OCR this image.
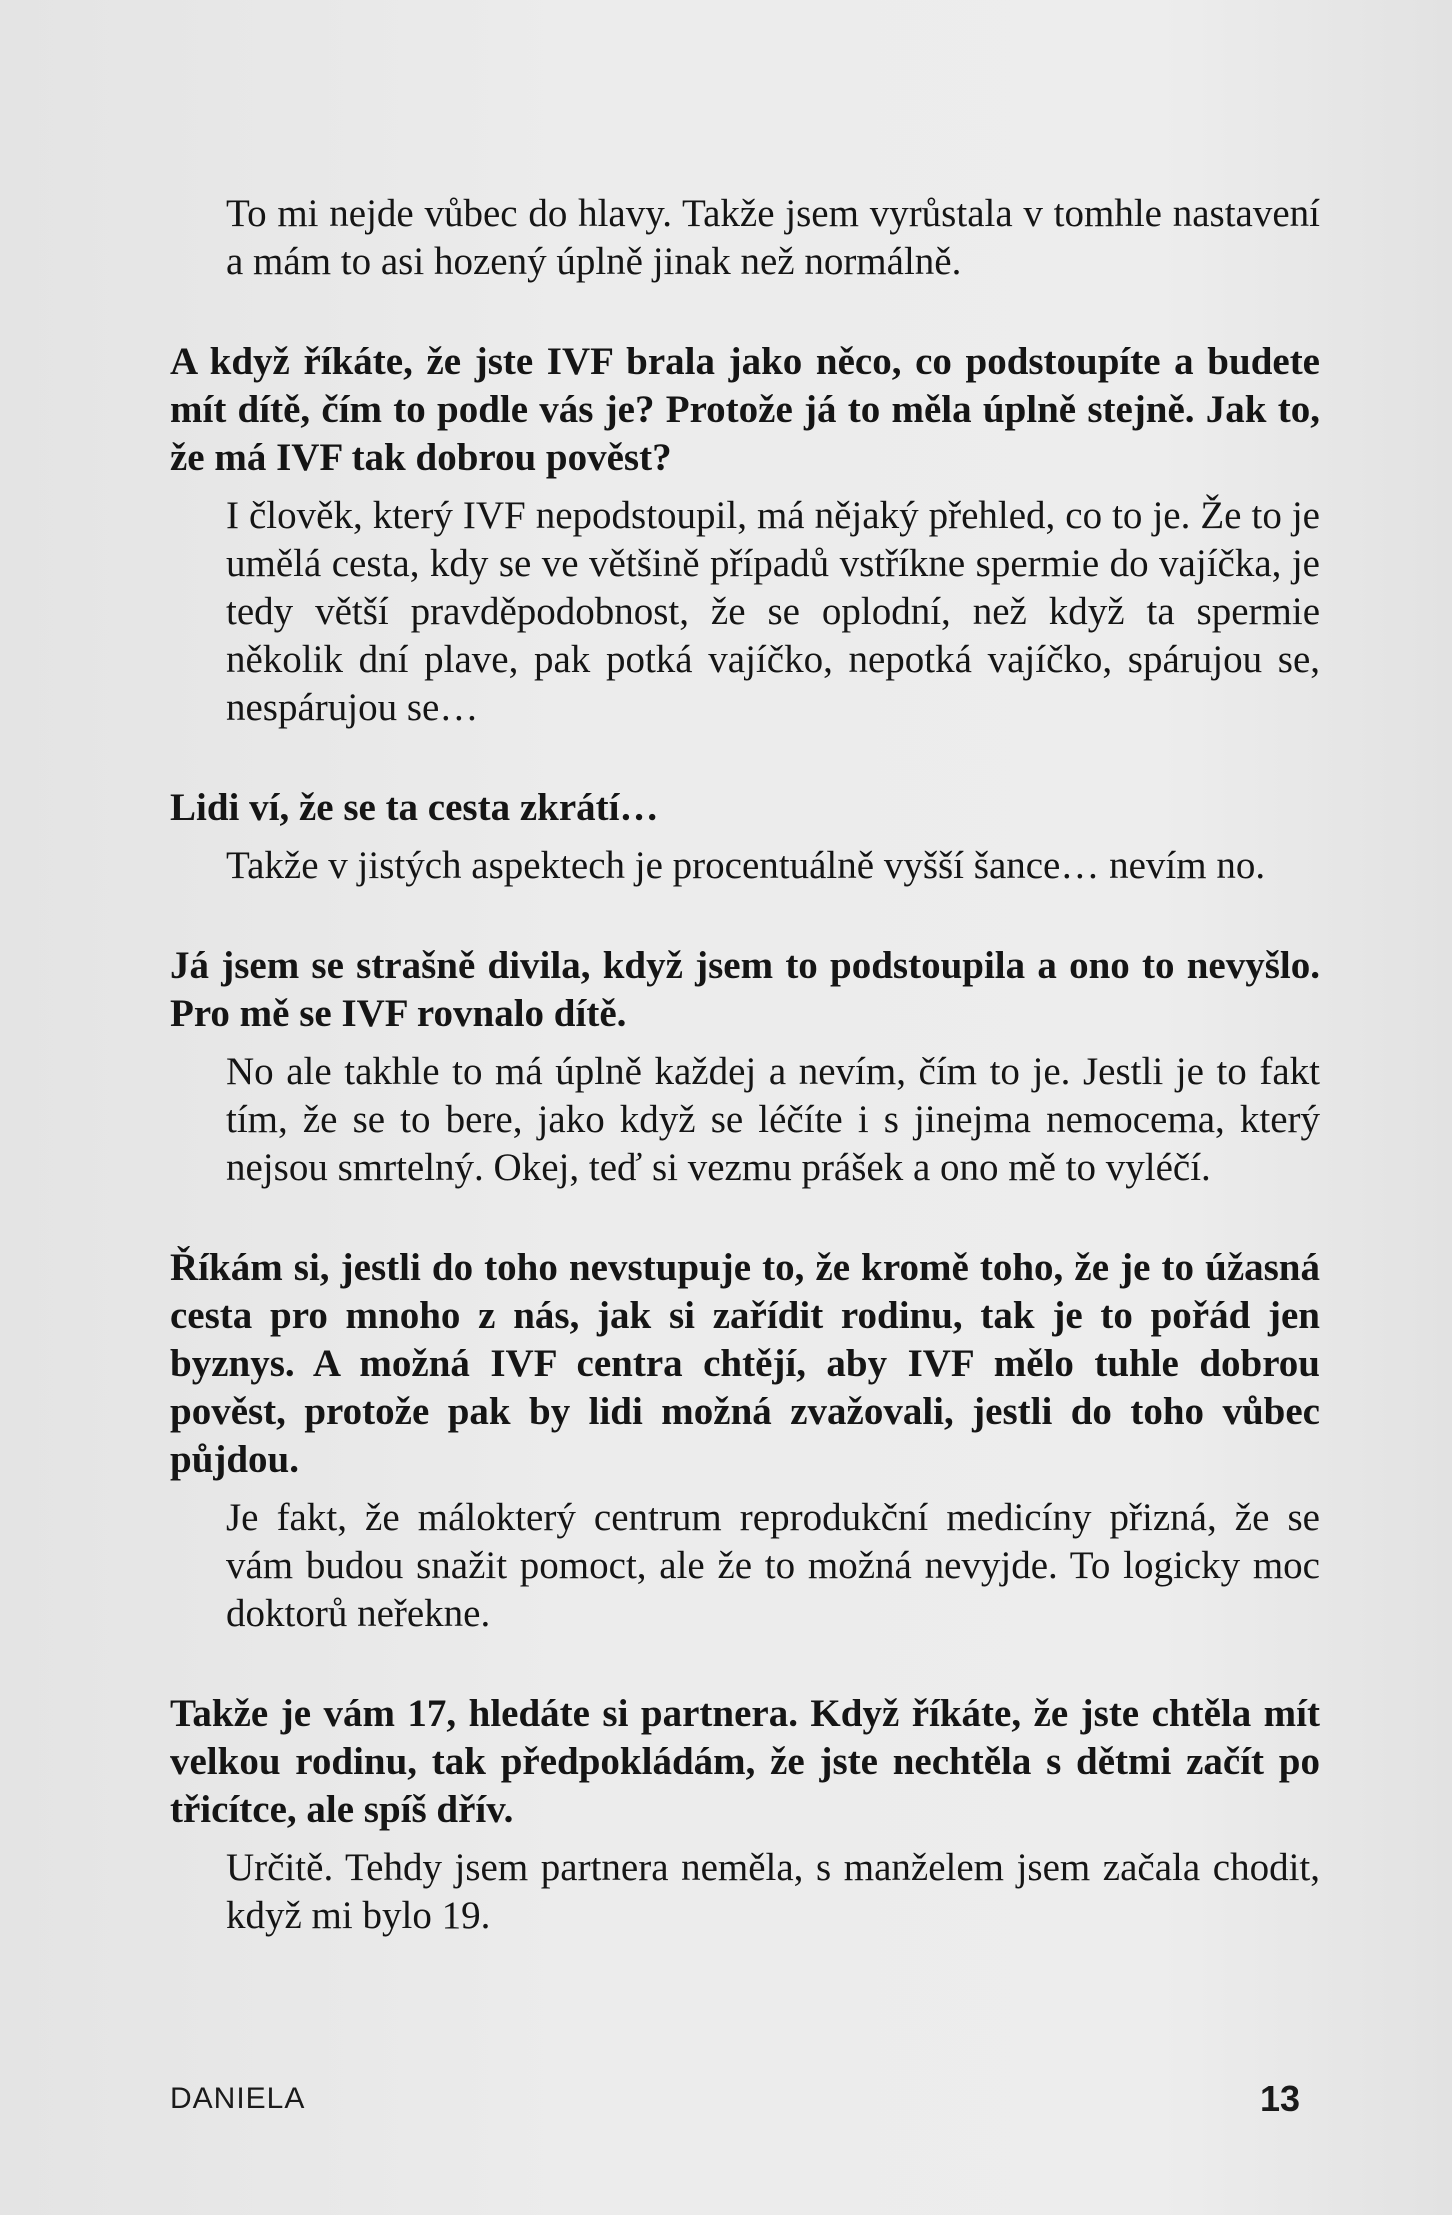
To mi nejde vůbec do hlavy. Takže jsem vyrůstala v tomhle nastavení a mám to asi hozený úplně jinak než normálně.
A když říkáte, že jste IVF brala jako něco, co podstoupíte a budete mít dítě, čím to podle vás je? Protože já to měla úplně stejně. Jak to, že má IVF tak dobrou pověst?
I člověk, který IVF nepodstoupil, má nějaký přehled, co to je. Že to je umělá cesta, kdy se ve většině případů vstříkne spermie do vajíčka, je tedy větší pravděpodobnost, že se oplodní, než když ta spermie několik dní plave, pak potká vajíčko, nepotká vajíčko, spárujou se, nespárujou se…
Lidi ví, že se ta cesta zkrátí…
Takže v jistých aspektech je procentuálně vyšší šance… nevím no.
Já jsem se strašně divila, když jsem to podstoupila a ono to nevyšlo. Pro mě se IVF rovnalo dítě.
No ale takhle to má úplně každej a nevím, čím to je. Jestli je to fakt tím, že se to bere, jako když se léčíte i s jinejma nemocema, který nejsou smrtelný. Okej, teď si vezmu prášek a ono mě to vyléčí.
Říkám si, jestli do toho nevstupuje to, že kromě toho, že je to úžasná cesta pro mnoho z nás, jak si zařídit rodinu, tak je to pořád jen byznys. A možná IVF centra chtějí, aby IVF mělo tuhle dobrou pověst, protože pak by lidi možná zvažovali, jestli do toho vůbec půjdou.
Je fakt, že málokterý centrum reprodukční medicíny přizná, že se vám budou snažit pomoct, ale že to možná nevyjde. To logicky moc doktorů neřekne.
Takže je vám 17, hledáte si partnera. Když říkáte, že jste chtěla mít velkou rodinu, tak předpokládám, že jste nechtěla s dětmi začít po třicítce, ale spíš dřív.
Určitě. Tehdy jsem partnera neměla, s manželem jsem začala chodit, když mi bylo 19.
DANIELA	13
